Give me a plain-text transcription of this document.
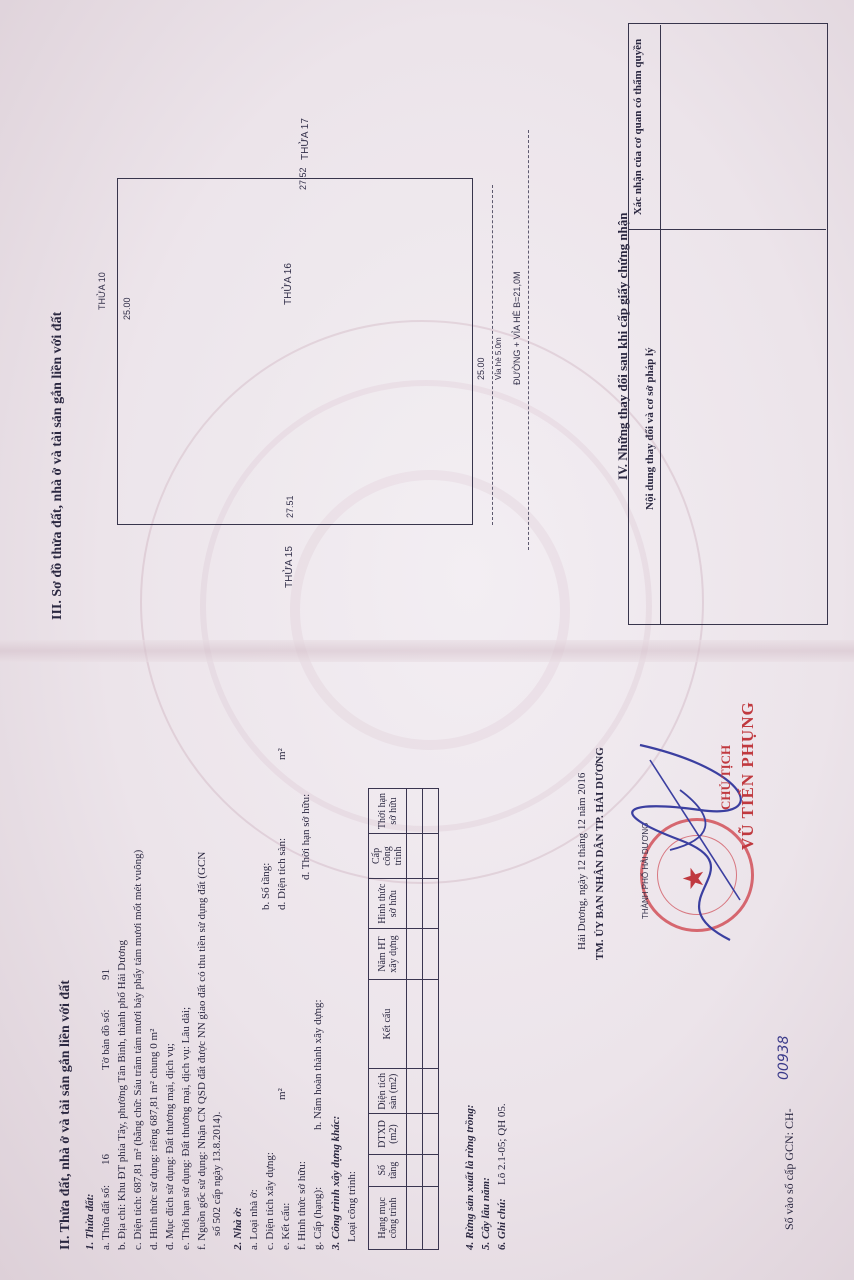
II. Thửa đất, nhà ở và tài sản gắn liền với đất 1. Thửa đất: a. Thửa đất số:
16
Tờ bản đồ số:
91 b. Địa chỉ: Khu ĐT phía Tây, phường Tân Bình, thành phố Hải Dương c. Diện tích: 687,81 m² (bằng chữ: Sáu trăm tám mươi bảy phẩy tám mươi mốt mét vuông) d. Hình thức sử dụng: riêng 687,81 m² chung 0 m² đ. Mục đích sử dụng: Đất thương mại, dịch vụ; e. Thời hạn sử dụng: Đất thương mại, dịch vụ: Lâu dài; f. Nguồn gốc sử dụng: Nhận CN QSD đất được NN giao đất có thu tiền sử dụng đất (GCN số 502 cấp ngày 13.8.2014). 2. Nhà ở: a. Loại nhà ở:
b. Số tầng:
c. Diện tích xây dựng:
m²
d. Diện tích sàn:
m²
e. Kết cấu: f. Hình thức sở hữu:
đ. Thời hạn sở hữu:
g. Cấp (hạng):
h. Năm hoàn thành xây dựng:
3. Công trình xây dựng khác: Loại công trình: Hạng mục công trình	Số tầng	DTXD (m2)	Diện tích sàn (m2)	Kết cấu	Năm HT xây dựng	Hình thức sở hữu	Cấp công trình	Thời hạn sở hữu

4. Rừng sản xuất là rừng trồng: 5. Cây lâu năm: 6. Ghi chú:
Lô 2.1-05; QH 05.
Hải Dương, ngày 12 tháng 12 năm 2016 TM. ỦY BAN NHÂN DÂN TP. HẢI DƯƠNG	THÀNH PHỐ HẢI DƯƠNG ★
CHỦ TỊCH VŨ TIẾN PHỤNG
Số vào sổ cấp GCN: CH-
00938
III. Sơ đồ thửa đất, nhà ở và tài sản gắn liền với đất
THỬA 10 25.00
THỬA 17
27.52
THỬA 16
THỬA 15
27.51
25.00 Vỉa hè 5.0m ĐƯỜNG + VỈA HÈ B=21,0M	IV. Những thay đổi sau khi cấp giấy chứng nhận Nội dung thay đổi và cơ sở pháp lý
Xác nhận của cơ quan có thẩm quyền
